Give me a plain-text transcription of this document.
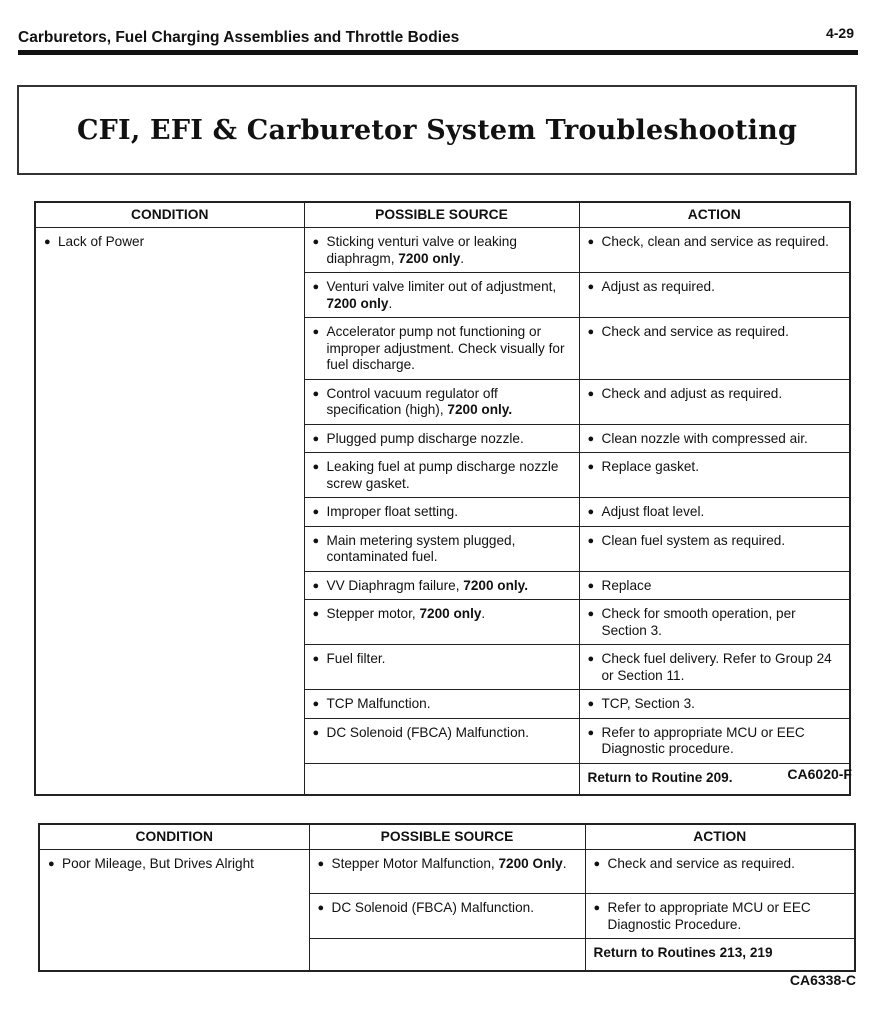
Carburetors, Fuel Charging Assemblies and Throttle Bodies	4-29
CFI, EFI & Carburetor System Troubleshooting
CONDITION	POSSIBLE SOURCE	ACTION

● Lack of Power	● Sticking venturi valve or leaking diaphragm, 7200 only.	● Check, clean and service as required.

	● Venturi valve limiter out of adjustment, 7200 only.	● Adjust as required.

	● Accelerator pump not functioning or improper adjustment. Check visually for fuel discharge.	● Check and service as required.

	● Control vacuum regulator off specification (high), 7200 only.	● Check and adjust as required.

	● Plugged pump discharge nozzle.	● Clean nozzle with compressed air.

	● Leaking fuel at pump discharge nozzle screw gasket.	● Replace gasket.

	● Improper float setting.	● Adjust float level.

	● Main metering system plugged, contaminated fuel.	● Clean fuel system as required.

	● VV Diaphragm failure, 7200 only.	● Replace

	● Stepper motor, 7200 only.	● Check for smooth operation, per Section 3.

	● Fuel filter.	● Check fuel delivery. Refer to Group 24 or Section 11.

	● TCP Malfunction.	● TCP, Section 3.

	● DC Solenoid (FBCA) Malfunction.	● Refer to appropriate MCU or EEC Diagnostic procedure.

		Return to Routine 209.	CA6020-F
CONDITION	POSSIBLE SOURCE	ACTION

● Poor Mileage, But Drives Alright	● Stepper Motor Malfunction, 7200 Only.	● Check and service as required.

	● DC Solenoid (FBCA) Malfunction.	● Refer to appropriate MCU or EEC Diagnostic Procedure.

		Return to Routines 213, 219
CA6338-C
